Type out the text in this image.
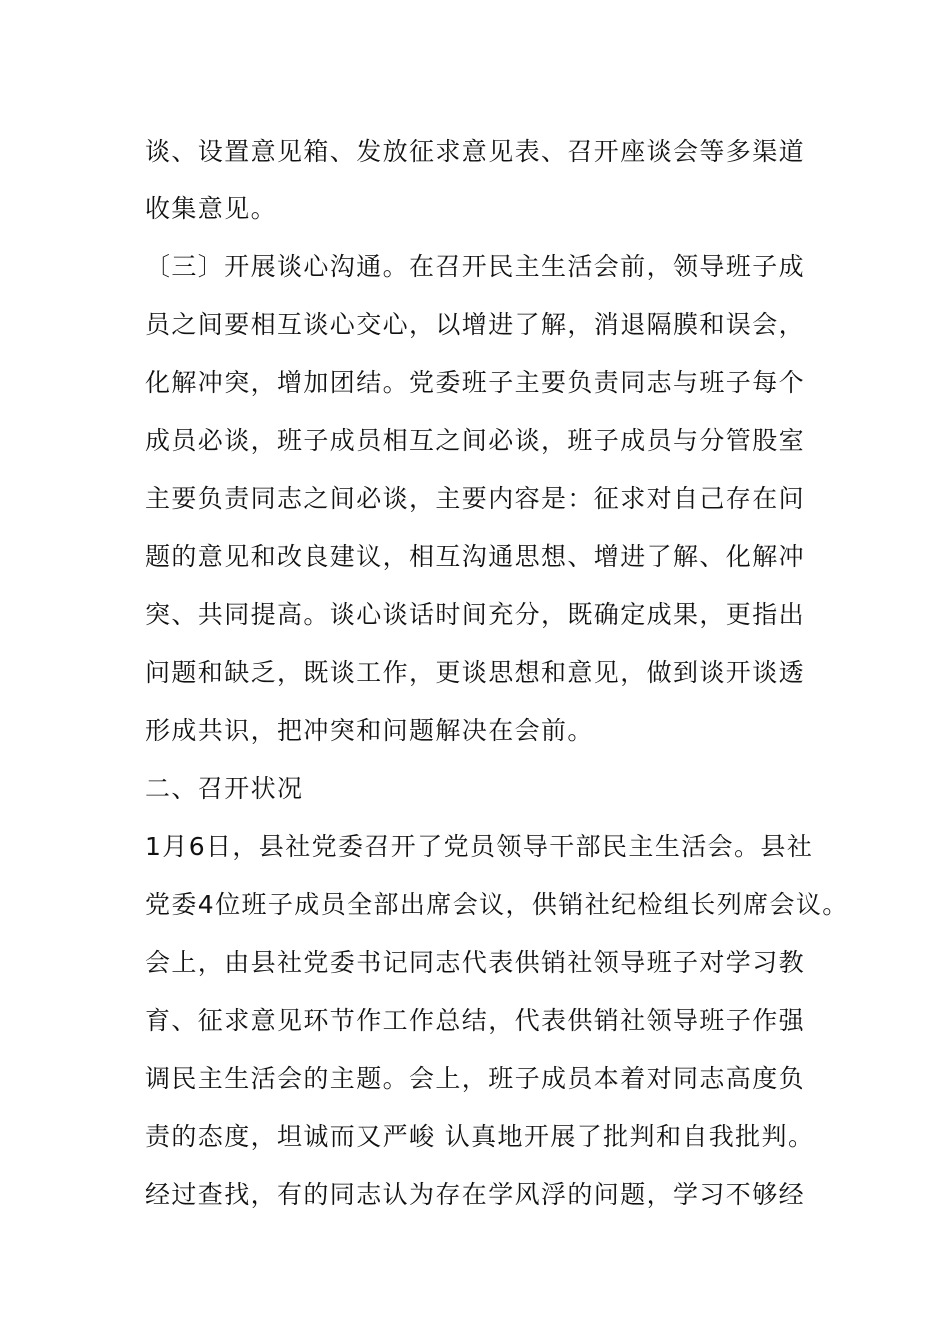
谈、设置意见箱、发放征求意见表、召开座谈会等多渠道
收集意见。
〔三〕开展谈心沟通。在召开民主生活会前，领导班子成
员之间要相互谈心交心，以增进了解，消退隔膜和误会，
化解冲突，增加团结。党委班子主要负责同志与班子每个
成员必谈，班子成员相互之间必谈，班子成员与分管股室
主要负责同志之间必谈，主要内容是：征求对自己存在问
题的意见和改良建议，相互沟通思想、增进了解、化解冲
突、共同提高。谈心谈话时间充分，既确定成果，更指出
问题和缺乏，既谈工作，更谈思想和意见，做到谈开谈透
形成共识，把冲突和问题解决在会前。
二、召开状况
1月6日，县社党委召开了党员领导干部民主生活会。县社
党委4位班子成员全部出席会议，供销社纪检组长列席会议。
会上，由县社党委书记同志代表供销社领导班子对学习教
育、征求意见环节作工作总结，代表供销社领导班子作强
调民主生活会的主题。会上，班子成员本着对同志高度负
责的态度，坦诚而又严峻 认真地开展了批判和自我批判。
经过查找，有的同志认为存在学风浮的问题，学习不够经
